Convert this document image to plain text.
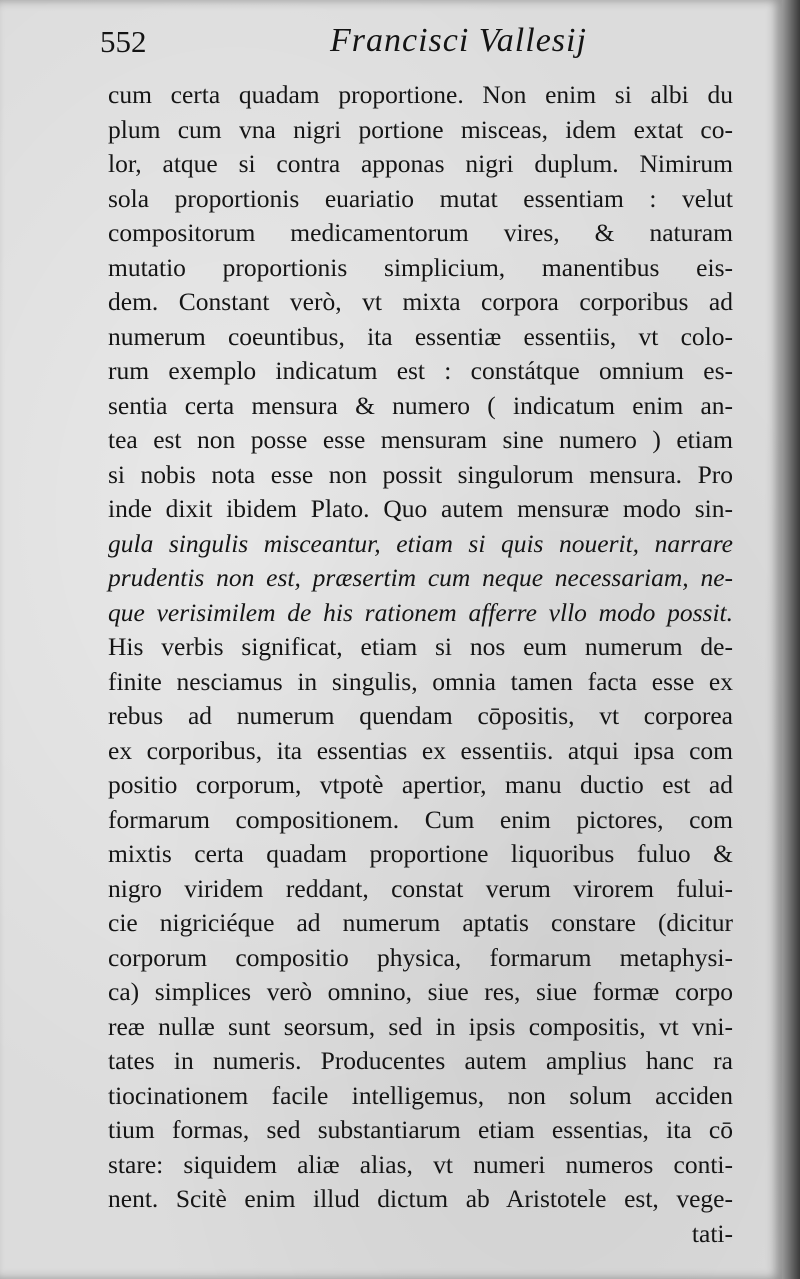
552	Francisci Vallesij
cum certa quadam proportione. Non enim si albi du
plum cum vna nigri portione misceas, idem extat co-
lor, atque si contra apponas nigri duplum. Nimirum
sola proportionis euariatio mutat essentiam : velut
compositorum medicamentorum vires, & naturam
mutatio proportionis simplicium, manentibus eis-
dem. Constant verò, vt mixta corpora corporibus ad
numerum coeuntibus, ita essentiæ essentiis, vt colo-
rum exemplo indicatum est : constátque omnium es-
sentia certa mensura & numero ( indicatum enim an-
tea est non posse esse mensuram sine numero ) etiam
si nobis nota esse non possit singulorum mensura. Pro
inde dixit ibidem Plato. Quo autem mensuræ modo sin-
gula singulis misceantur, etiam si quis nouerit, narrare
prudentis non est, præsertim cum neque necessariam, ne-
que verisimilem de his rationem afferre vllo modo possit.
His verbis significat, etiam si nos eum numerum de-
finite nesciamus in singulis, omnia tamen facta esse ex
rebus ad numerum quendam cōpositis, vt corporea
ex corporibus, ita essentias ex essentiis. atqui ipsa com
positio corporum, vtpotè apertior, manu ductio est ad
formarum compositionem. Cum enim pictores, com
mixtis certa quadam proportione liquoribus fuluo &
nigro viridem reddant, constat verum virorem fului-
cie nigriciéque ad numerum aptatis constare (dicitur
corporum compositio physica, formarum metaphysi-
ca) simplices verò omnino, siue res, siue formæ corpo
reæ nullæ sunt seorsum, sed in ipsis compositis, vt vni-
tates in numeris. Producentes autem amplius hanc ra
tiocinationem facile intelligemus, non solum acciden
tium formas, sed substantiarum etiam essentias, ita cō
stare: siquidem aliæ alias, vt numeri numeros conti-
nent. Scitè enim illud dictum ab Aristotele est, vege-
tati-
